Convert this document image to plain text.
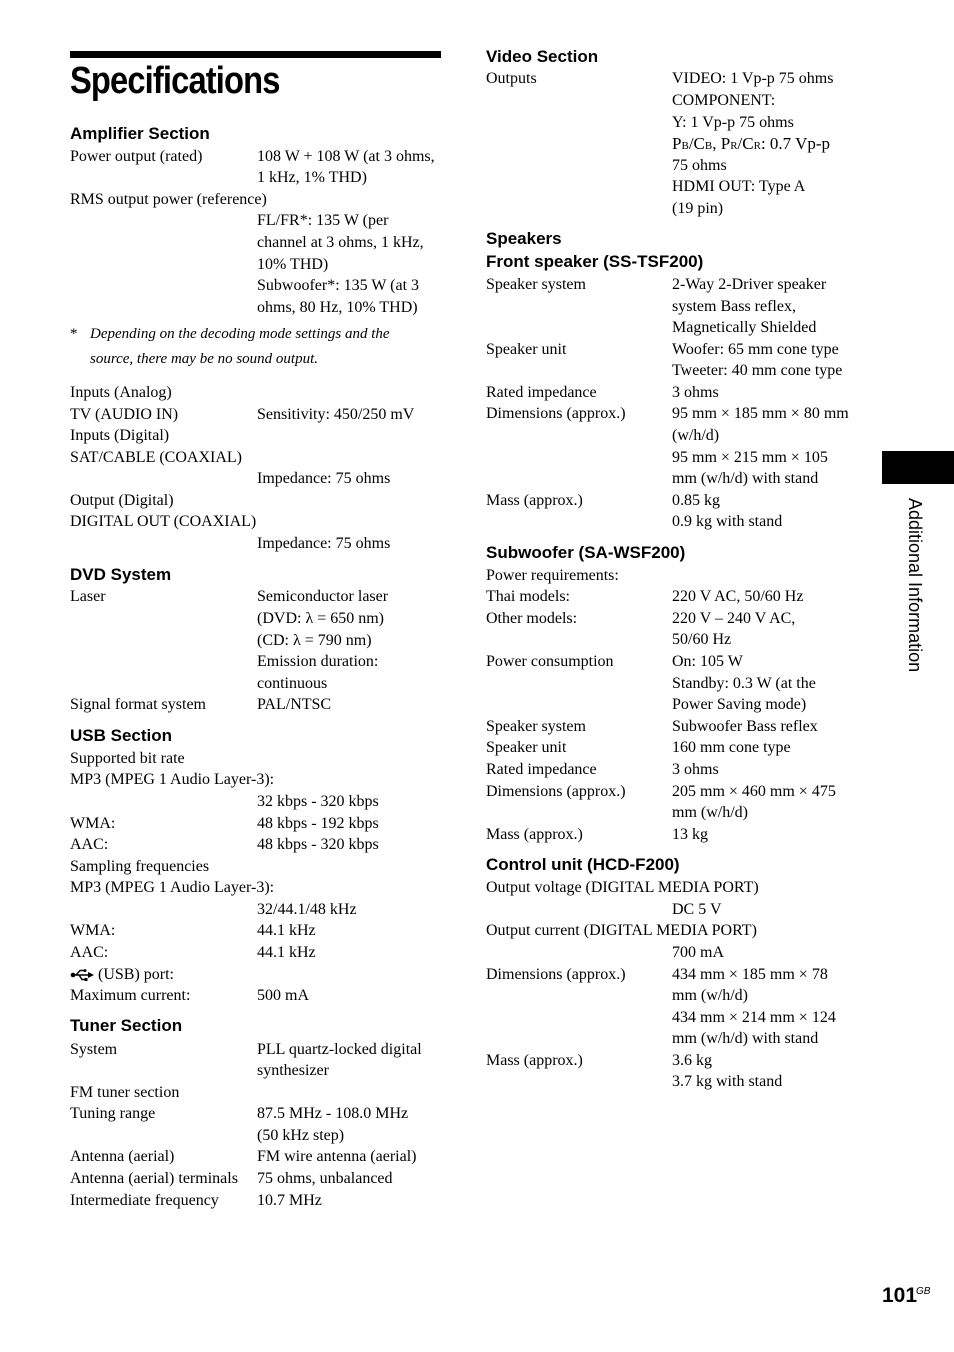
Specifications
Amplifier Section
Power output (rated)	108 W + 108 W (at 3 ohms,
1 kHz, 1% THD)
RMS output power (reference)
FL/FR*: 135 W (per
channel at 3 ohms, 1 kHz,
10% THD)
Subwoofer*: 135 W (at 3
ohms, 80 Hz, 10% THD)
* Depending on the decoding mode settings and the
source, there may be no sound output.
Inputs (Analog)
TV (AUDIO IN)	Sensitivity: 450/250 mV
Inputs (Digital)
SAT/CABLE (COAXIAL)
Impedance: 75 ohms
Output (Digital)
DIGITAL OUT (COAXIAL)
Impedance: 75 ohms
DVD System
Laser	Semiconductor laser
(DVD: λ = 650 nm)
(CD: λ = 790 nm)
Emission duration:
continuous
Signal format system	PAL/NTSC
USB Section
Supported bit rate
MP3 (MPEG 1 Audio Layer-3):
32 kbps - 320 kbps
WMA:	48 kbps - 192 kbps
AAC:	48 kbps - 320 kbps
Sampling frequencies
MP3 (MPEG 1 Audio Layer-3):
32/44.1/48 kHz
WMA:	44.1 kHz
AAC:	44.1 kHz
(USB) port:
Maximum current:	500 mA
Tuner Section
System	PLL quartz-locked digital
synthesizer
FM tuner section
Tuning range	87.5 MHz - 108.0 MHz
(50 kHz step)
Antenna (aerial)	FM wire antenna (aerial)
Antenna (aerial) terminals 75 ohms, unbalanced
Intermediate frequency 10.7 MHz
Video Section
Outputs	VIDEO: 1 Vp-p 75 ohms
COMPONENT:
Y: 1 Vp-p 75 ohms
PB/CB, PR/CR: 0.7 Vp-p
75 ohms
HDMI OUT: Type A
(19 pin)
Speakers
Front speaker (SS-TSF200)
Speaker system	2-Way 2-Driver speaker
system Bass reflex,
Magnetically Shielded
Speaker unit	Woofer: 65 mm cone type
Tweeter: 40 mm cone type
Rated impedance	3 ohms
Dimensions (approx.)	95 mm × 185 mm × 80 mm
(w/h/d)
95 mm × 215 mm × 105
mm (w/h/d) with stand
Mass (approx.)	0.85 kg
0.9 kg with stand
Subwoofer (SA-WSF200)
Power requirements:
Thai models:	220 V AC, 50/60 Hz
Other models:	220 V – 240 V AC,
50/60 Hz
Power consumption	On: 105 W
Standby: 0.3 W (at the
Power Saving mode)
Speaker system	Subwoofer Bass reflex
Speaker unit	160 mm cone type
Rated impedance	3 ohms
Dimensions (approx.)	205 mm × 460 mm × 475
mm (w/h/d)
Mass (approx.)	13 kg
Control unit (HCD-F200)
Output voltage (DIGITAL MEDIA PORT)
DC 5 V
Output current (DIGITAL MEDIA PORT)
700 mA
Dimensions (approx.)	434 mm × 185 mm × 78
mm (w/h/d)
434 mm × 214 mm × 124
mm (w/h/d) with stand
Mass (approx.)	3.6 kg
3.7 kg with stand
Additional Information
101
GB
